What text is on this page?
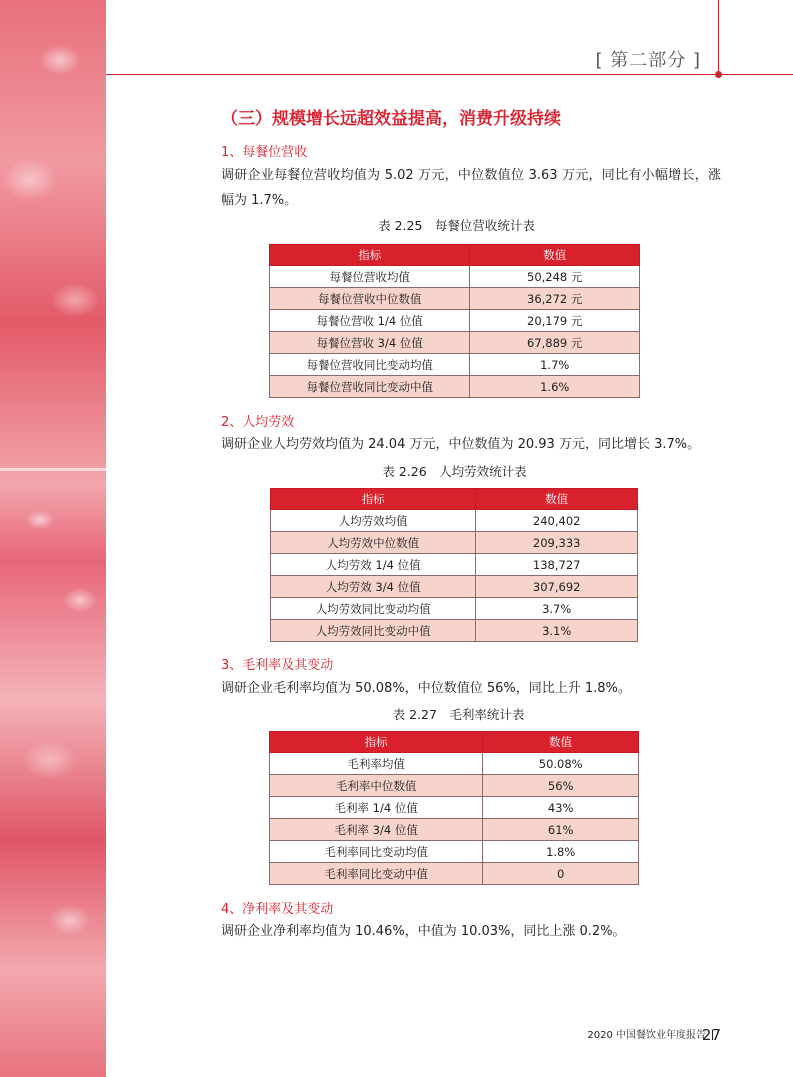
[ 第二部分 ]
（三）规模增长远超效益提高，消费升级持续
1、每餐位营收
调研企业每餐位营收均值为 5.02 万元，中位数值位 3.63 万元，同比有小幅增长，涨幅为 1.7%。
表 2.25　每餐位营收统计表
指标	数值
每餐位营收均值	50,248 元
每餐位营收中位数值	36,272 元
每餐位营收 1/4 位值	20,179 元
每餐位营收 3/4 位值	67,889 元
每餐位营收同比变动均值	1.7%
每餐位营收同比变动中值	1.6%
2、人均劳效
调研企业人均劳效均值为 24.04 万元，中位数值为 20.93 万元，同比增长 3.7%。
表 2.26　人均劳效统计表
指标	数值
人均劳效均值	240,402
人均劳效中位数值	209,333
人均劳效 1/4 位值	138,727
人均劳效 3/4 位值	307,692
人均劳效同比变动均值	3.7%
人均劳效同比变动中值	3.1%
3、毛利率及其变动
调研企业毛利率均值为 50.08%，中位数值位 56%，同比上升 1.8%。
表 2.27　毛利率统计表
指标	数值
毛利率均值	50.08%
毛利率中位数值	56%
毛利率 1/4 位值	43%
毛利率 3/4 位值	61%
毛利率同比变动均值	1.8%
毛利率同比变动中值	0
4、净利率及其变动
调研企业净利率均值为 10.46%，中值为 10.03%，同比上涨 0.2%。
2020 中国餐饮业年度报告
27
